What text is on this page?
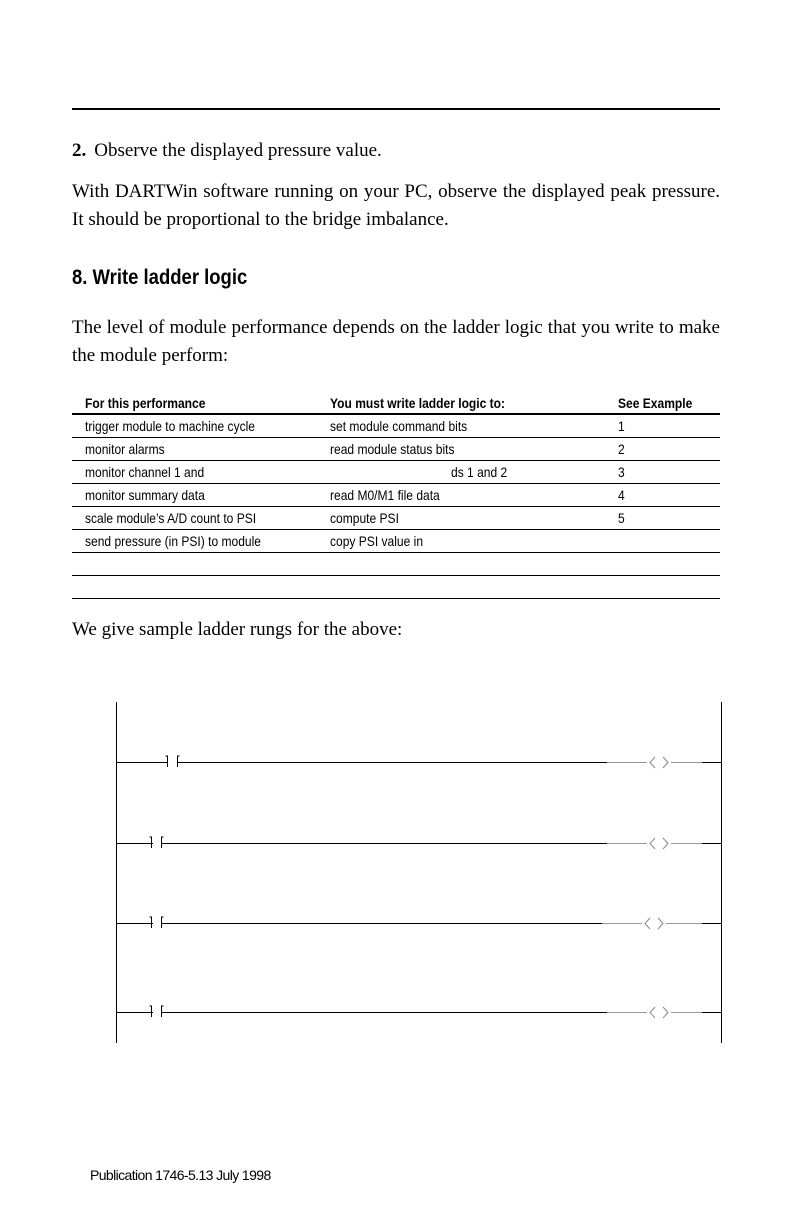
2. Observe the displayed pressure value.
With DARTWin software running on your PC, observe the displayed peak pressure. It should be proportional to the bridge imbalance.
8. Write ladder logic
The level of module performance depends on the ladder logic that you write to make the module perform:
For this performance	You must write ladder logic to:	See Example
trigger module to machine cycle	set module command bits	1
monitor alarms	read module status bits	2
monitor channel 1 and	ds 1 and 2	3
monitor summary data	read M0/M1 file data	4
scale module’s A/D count to PSI	compute PSI	5
send pressure (in PSI) to module	copy PSI value in	

We give sample ladder rungs for the above:
Publication 1746-5.13 July 1998
